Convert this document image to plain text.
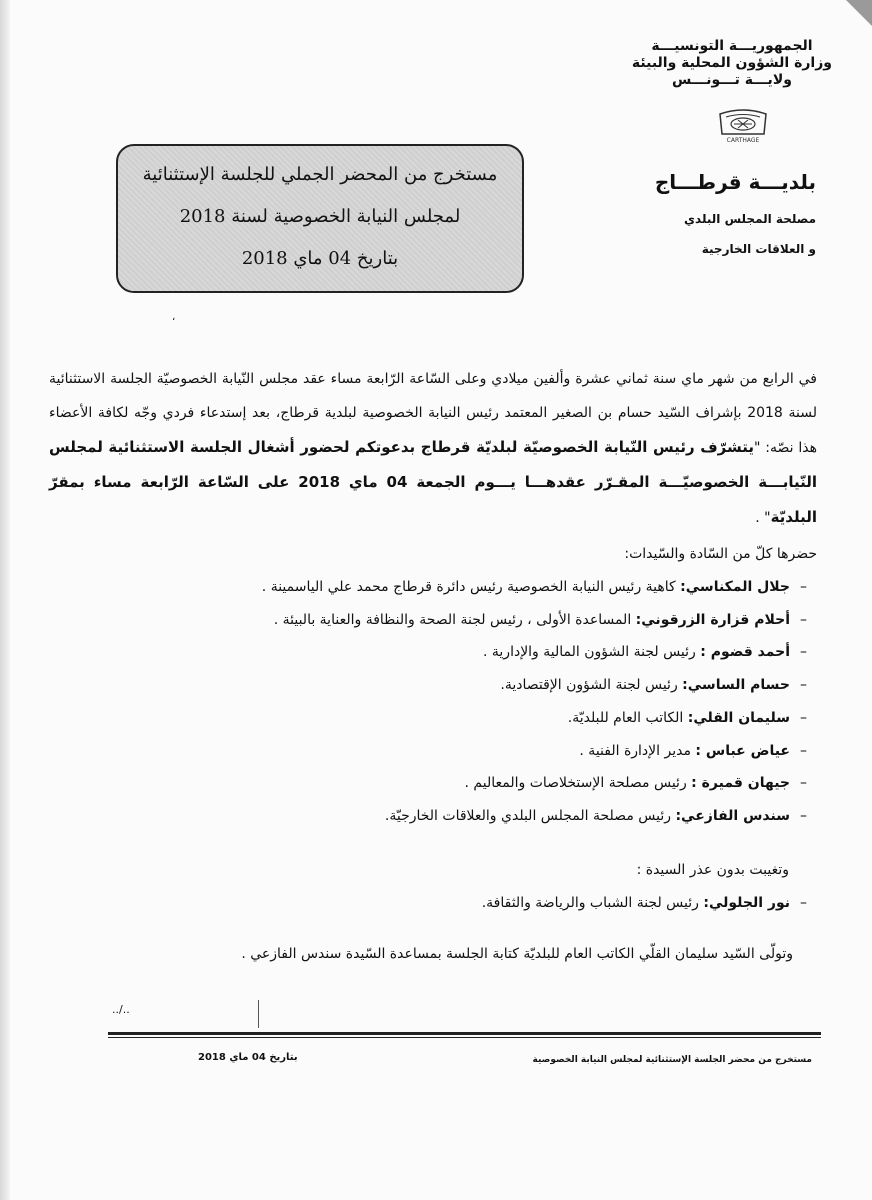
الجمهوريـــة التونسيـــة
وزارة الشؤون المحلية والبيئة
ولايـــة تـــونـــس
CARTHAGE
بلديـــة قرطـــاج
مصلحة المجلس البلدي
و العلاقات الخارجية
مستخرج من المحضر الجملي للجلسة الإستثنائية
لمجلس النيابة الخصوصية لسنة 2018
بتاريخ 04 ماي 2018
،

في الرابع من شهر ماي سنة ثماني عشرة وألفين ميلادي وعلى السّاعة الرّابعة مساء عقد مجلس النّيابة الخصوصيّة الجلسة الاستثنائية لسنة 2018 بإشراف السّيد حسام بن الصغير المعتمد رئيس النيابة الخصوصية لبلدية قرطاج، بعد إستدعاء فردي وجّه لكافة الأعضاء هذا نصّه: "يتشرّف رئيس النّيابة الخصوصيّة لبلديّة قرطاج بدعوتكم لحضور أشغال الجلسة الاستثنائية لمجلس النّيابـــة الخصوصيّـــة المقـرّر عقدهـــا يـــوم الجمعة 04 ماي 2018 على السّاعة الرّابعة مساء بمقرّ البلديّة" .

حضرها كلّ من السّادة والسّيدات:
–جلال المكناسي: كاهية رئيس النيابة الخصوصية رئيس دائرة قرطاج محمد علي الياسمينة .
–أحلام قزارة الزرقوني: المساعدة الأولى ، رئيس لجنة الصحة والنظافة والعناية بالبيئة .
–أحمد قضوم : رئيس لجنة الشؤون المالية والإدارية .
–حسام الساسي: رئيس لجنة الشؤون الإقتصادية.
–سليمان القلي: الكاتب العام للبلديّة.
–عياض عباس : مدير الإدارة الفنية .
–جيهان قميرة : رئيس مصلحة الإستخلاصات والمعاليم .
–سندس الفازعي: رئيس مصلحة المجلس البلدي والعلاقات الخارجيّة.
وتغيبت بدون عذر السيدة :
–نور الجلولي: رئيس لجنة الشباب والرياضة والثقافة.
وتولّى السّيد سليمان القلّي الكاتب العام للبلديّة كتابة الجلسة بمساعدة السّيدة سندس الفازعي .
../..
بتاريخ 04 ماي 2018	مستخرج من محضر الجلسة الإستثنائية لمجلس النيابة الخصوصية
